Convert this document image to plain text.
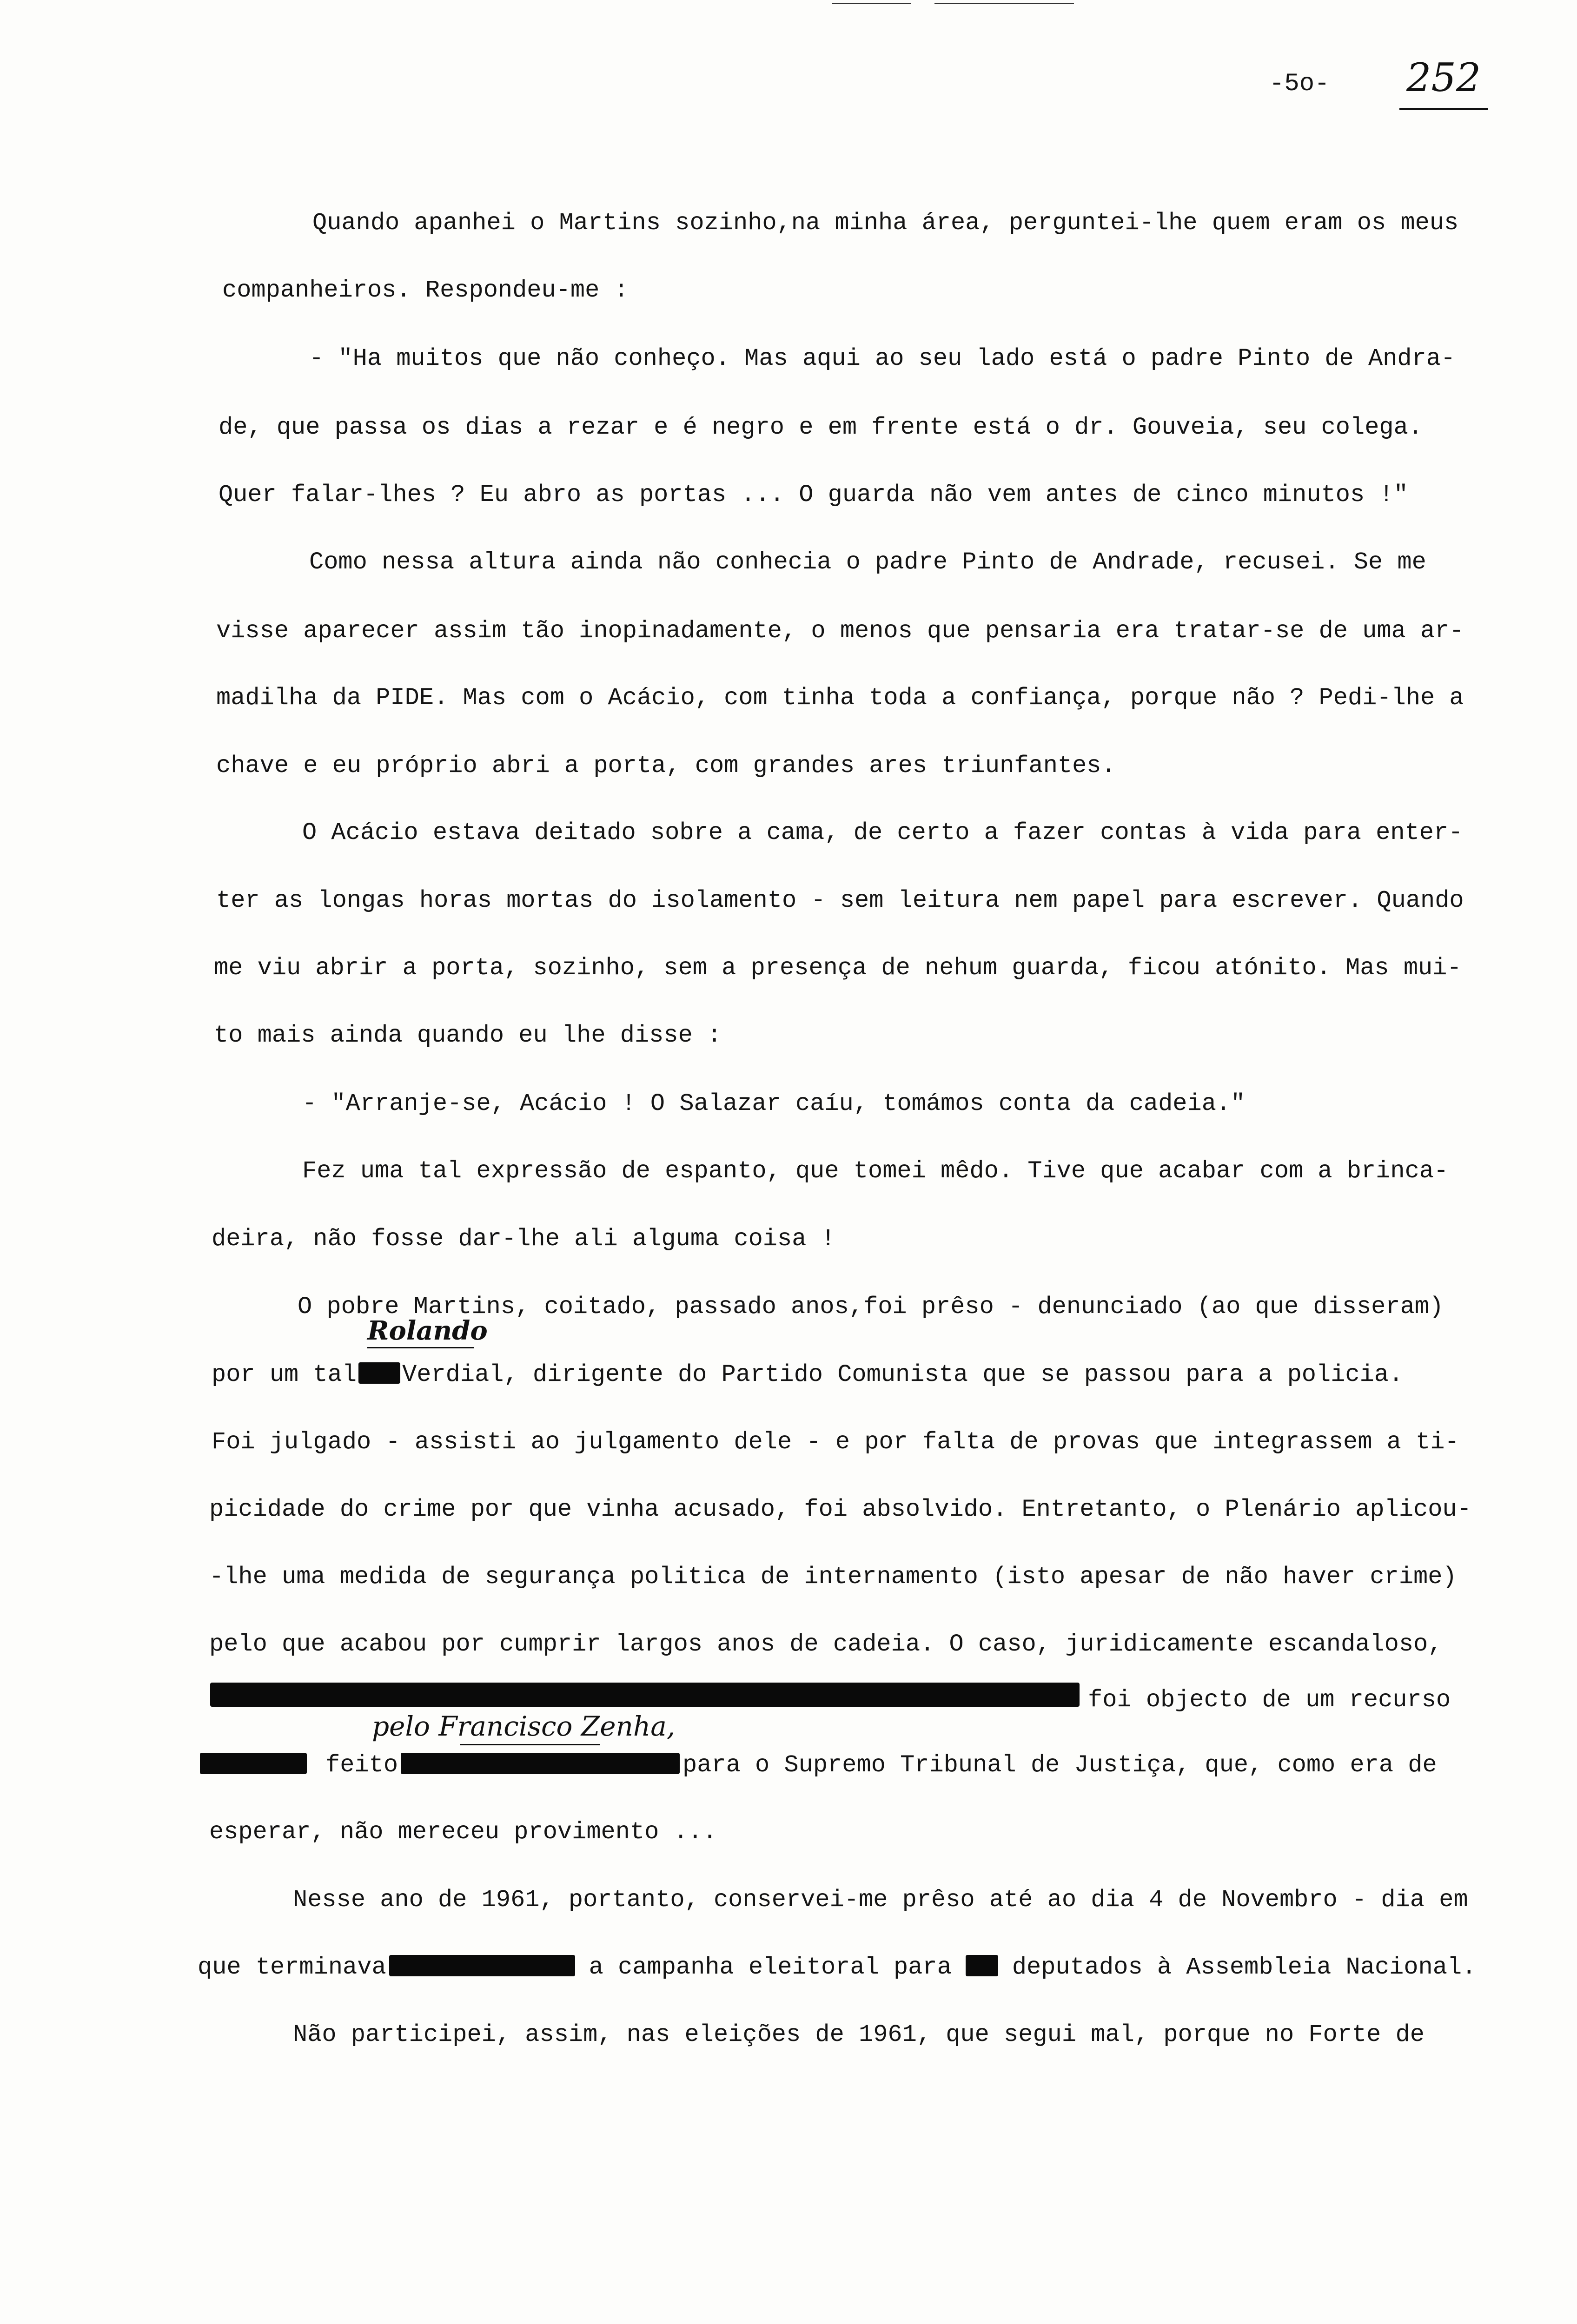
-5o- 252
Quando apanhei o Martins sozinho,na minha área, perguntei-lhe quem eram os meus
companheiros. Respondeu-me :
- "Ha muitos que não conheço. Mas aqui ao seu lado está o padre Pinto de Andra-
de, que passa os dias a rezar e é negro e em frente está o dr. Gouveia, seu colega.
Quer falar-lhes ? Eu abro as portas ... O guarda não vem antes de cinco minutos !"
Como nessa altura ainda não conhecia o padre Pinto de Andrade, recusei. Se me
visse aparecer assim tão inopinadamente, o menos que pensaria era tratar-se de uma ar-
madilha da PIDE. Mas com o Acácio, com tinha toda a confiança, porque não ? Pedi-lhe a
chave e eu próprio abri a porta, com grandes ares triunfantes.
O Acácio estava deitado sobre a cama, de certo a fazer contas à vida para enter-
ter as longas horas mortas do isolamento - sem leitura nem papel para escrever. Quando
me viu abrir a porta, sozinho, sem a presença de nehum guarda, ficou atónito. Mas mui-
to mais ainda quando eu lhe disse :
- "Arranje-se, Acácio ! O Salazar caíu, tomámos conta da cadeia."
Fez uma tal expressão de espanto, que tomei mêdo. Tive que acabar com a brinca-
deira, não fosse dar-lhe ali alguma coisa !
O pobre Martins, coitado, passado anos,foi prêso - denunciado (ao que disseram)
Rolando
por um tal Verdial, dirigente do Partido Comunista que se passou para a policia.
Foi julgado - assisti ao julgamento dele - e por falta de provas que integrassem a ti-
picidade do crime por que vinha acusado, foi absolvido. Entretanto, o Plenário aplicou-
-lhe uma medida de segurança politica de internamento (isto apesar de não haver crime)
pelo que acabou por cumprir largos anos de cadeia. O caso, juridicamente escandaloso,
foi objecto de um recurso
pelo Francisco Zenha,
feito	para o Supremo Tribunal de Justiça, que, como era de
esperar, não mereceu provimento ...
Nesse ano de 1961, portanto, conservei-me prêso até ao dia 4 de Novembro - dia em
que terminava	a campanha eleitoral para	deputados à Assembleia Nacional.
Não participei, assim, nas eleições de 1961, que segui mal, porque no Forte de
